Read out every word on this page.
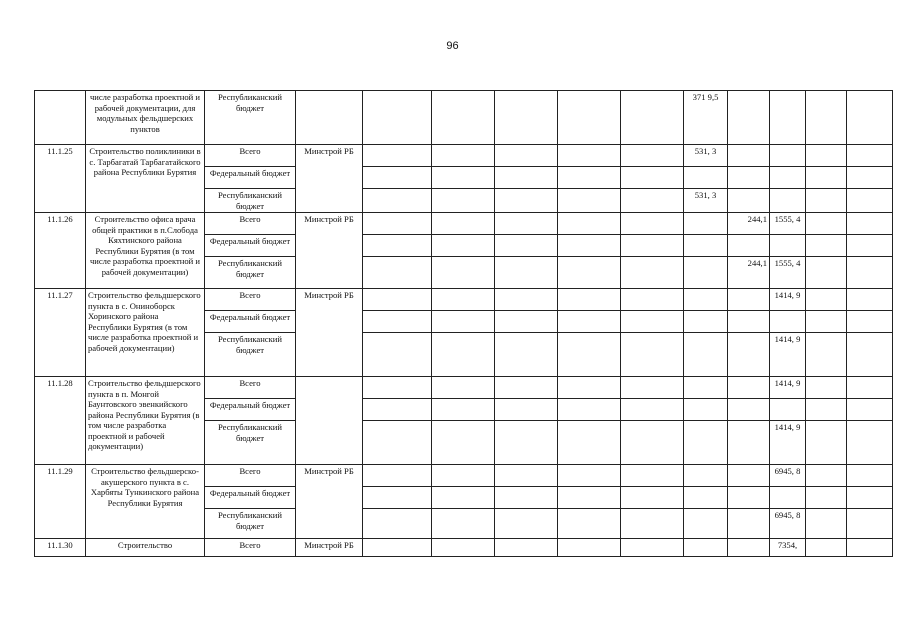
96
	числе разработка проектной и рабочей документации, для модульных фельдшерских пунктов	Республиканский бюджет							371 9,5				
11.1.25	Строительство поликлиники в с. Тарбагатай Тарбагатайского района Республики Бурятия	Всего	Минстрой РБ						531, 3				
		Федеральный бюджет											
		Республиканский бюджет							531, 3				
11.1.26	Строительство офиса врача общей практики в п.Слобода Кяхтинского района Республики Бурятия (в том числе разработка проектной и рабочей документации)	Всего	Минстрой РБ							244,1	1555, 4		
		Федеральный бюджет											
		Республиканский бюджет								244,1	1555, 4		
11.1.27	Строительство фельдшерского пункта в с. Ониноборск Хоринского района Республики Бурятия (в том числе разработка проектной и рабочей документации)	Всего	Минстрой РБ								1414, 9		
		Федеральный бюджет											
		Республиканский бюджет									1414, 9		
11.1.28	Строительство фельдшерского пункта в п. Монгой Баунтовского эвенкийского района Республики Бурятия (в том числе разработка проектной и рабочей документации)	Всего									1414, 9		
		Федеральный бюджет											
		Республиканский бюджет									1414, 9		
11.1.29	Строительство фельдшерско-акушерского пункта в с. Харбяты Тункинского района Республики Бурятия	Всего	Минстрой РБ								6945, 8		
		Федеральный бюджет											
		Республиканский бюджет									6945, 8		
11.1.30	Строительство	Всего	Минстрой РБ								7354,		
